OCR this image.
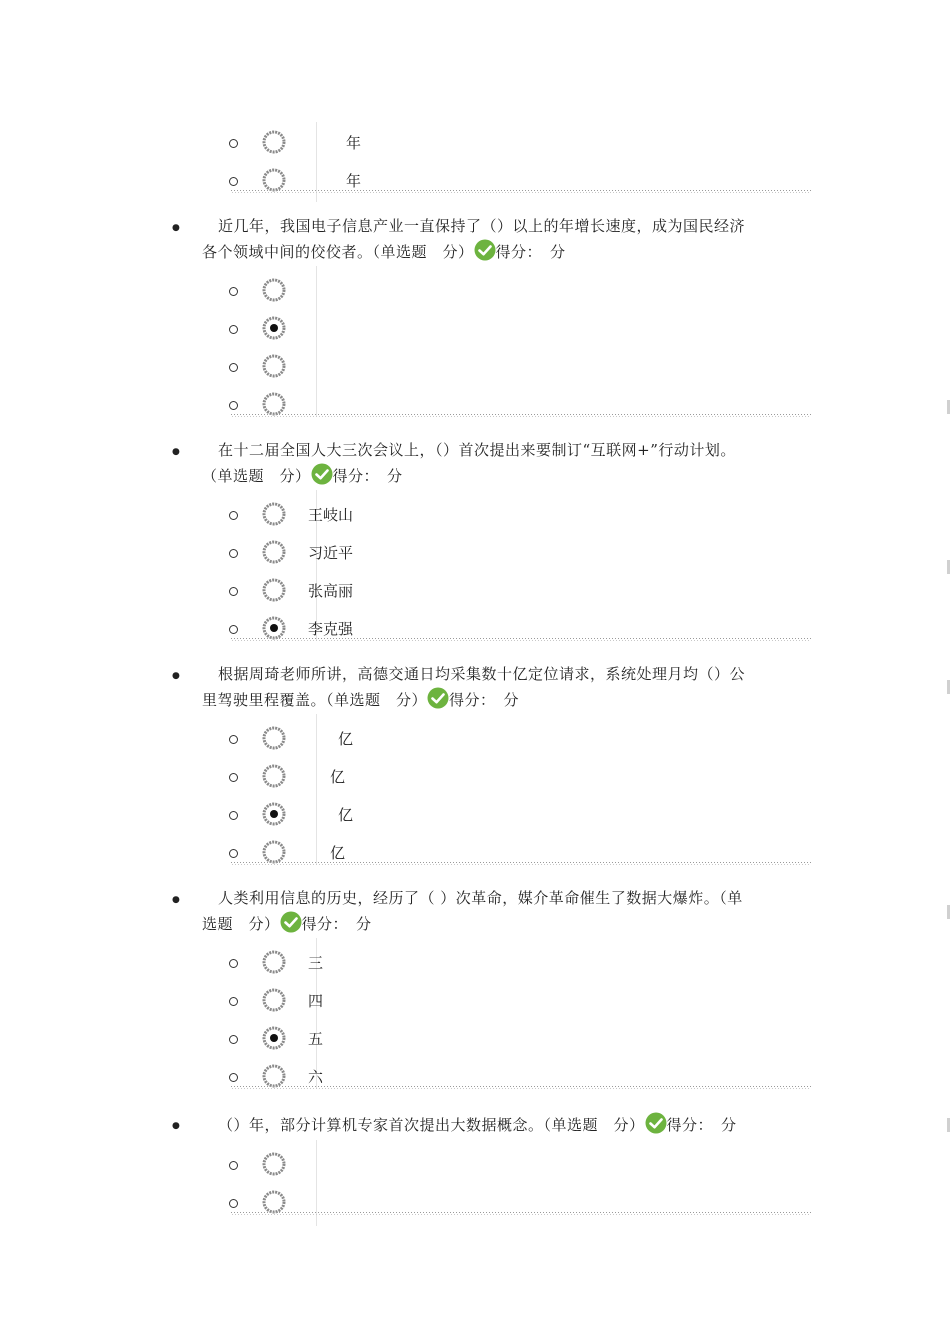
年
年
●	近几年，我国电子信息产业一直保持了（）以上的年增长速度，成为国民经济
各个领域中间的佼佼者。（单选题　分） 得分：　 分
●	在十二届全国人大三次会议上，（）首次提出来要制订“互联网+”行动计划。
（单选题　分） 得分：　 分
王岐山
习近平
张高丽
李克强
●	根据周琦老师所讲，高德交通日均采集数十亿定位请求，系统处理月均（）公
里驾驶里程覆盖。（单选题　分） 得分：　 分
亿
亿
亿
亿
●	人类利用信息的历史，经历了（ ）次革命，媒介革命催生了数据大爆炸。（单
选题　分） 得分：　 分
三
四
五
六
●	（）年，部分计算机专家首次提出大数据概念。（单选题　分） 得分：　 分
